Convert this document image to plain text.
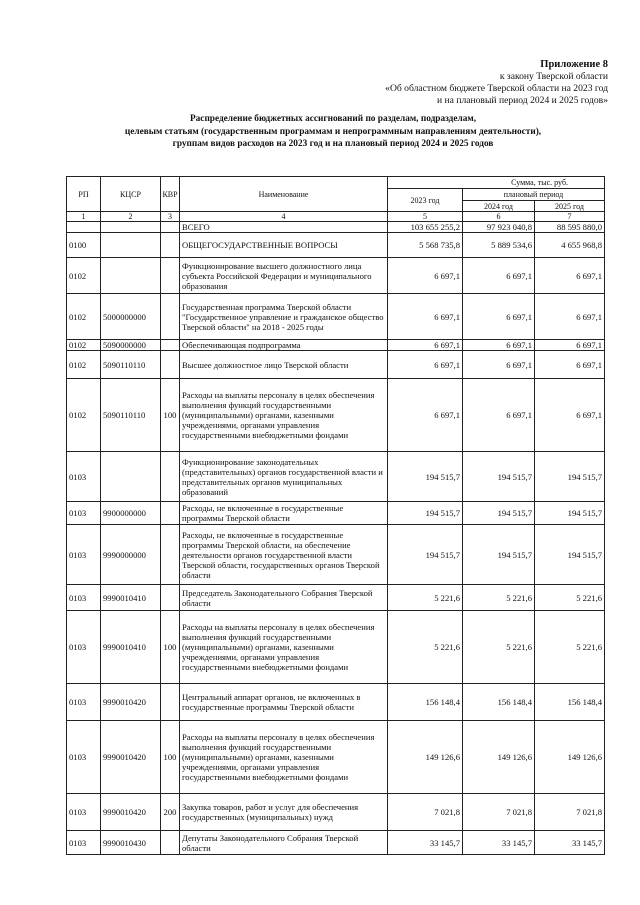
Приложение 8
к закону Тверской области
«Об областном бюджете Тверской области на 2023 год
и на плановый период 2024 и 2025 годов»
Распределение бюджетных ассигнований по разделам, подразделам,
целевым статьям (государственным программам и непрограммным направлениям деятельности),
группам видов расходов на 2023 год и на плановый период 2024 и 2025 годов
РП	КЦСР	КВР	Наименование	Сумма, тыс. руб.		
				2023 год	плановый период	
					2024 год	2025 год
1	2	3	4	5	6	7
			ВСЕГО	103 655 255,2	97 923 040,8	88 595 880,0
0100			ОБЩЕГОСУДАРСТВЕННЫЕ ВОПРОСЫ	5 568 735,8	5 889 534,6	4 655 968,8
0102			Функционирование высшего должностного лица субъекта Российской Федерации и муниципального образования	6 697,1	6 697,1	6 697,1
0102	5000000000		Государственная программа Тверской области "Государственное управление и гражданское общество Тверской области" на 2018 - 2025 годы	6 697,1	6 697,1	6 697,1
0102	5090000000		Обеспечивающая подпрограмма	6 697,1	6 697,1	6 697,1
0102	5090110110		Высшее должностное лицо Тверской области	6 697,1	6 697,1	6 697,1
0102	5090110110	100	Расходы на выплаты персоналу в целях обеспечения выполнения функций государственными (муниципальными) органами, казенными учреждениями, органами управления государственными внебюджетными фондами	6 697,1	6 697,1	6 697,1
0103			Функционирование законодательных (представительных) органов государственной власти и представительных органов муниципальных образований	194 515,7	194 515,7	194 515,7
0103	9900000000		Расходы, не включенные в государственные программы Тверской области	194 515,7	194 515,7	194 515,7
0103	9990000000		Расходы, не включенные в государственные программы Тверской области, на обеспечение деятельности органов государственной власти Тверской области, государственных органов Тверской области	194 515,7	194 515,7	194 515,7
0103	9990010410		Председатель Законодательного Собрания Тверской области	5 221,6	5 221,6	5 221,6
0103	9990010410	100	Расходы на выплаты персоналу в целях обеспечения выполнения функций государственными (муниципальными) органами, казенными учреждениями, органами управления государственными внебюджетными фондами	5 221,6	5 221,6	5 221,6
0103	9990010420		Центральный аппарат органов, не включенных в государственные программы Тверской области	156 148,4	156 148,4	156 148,4
0103	9990010420	100	Расходы на выплаты персоналу в целях обеспечения выполнения функций государственными (муниципальными) органами, казенными учреждениями, органами управления государственными внебюджетными фондами	149 126,6	149 126,6	149 126,6
0103	9990010420	200	Закупка товаров, работ и услуг для обеспечения государственных (муниципальных) нужд	7 021,8	7 021,8	7 021,8
0103	9990010430		Депутаты Законодательного Собрания Тверской области	33 145,7	33 145,7	33 145,7
